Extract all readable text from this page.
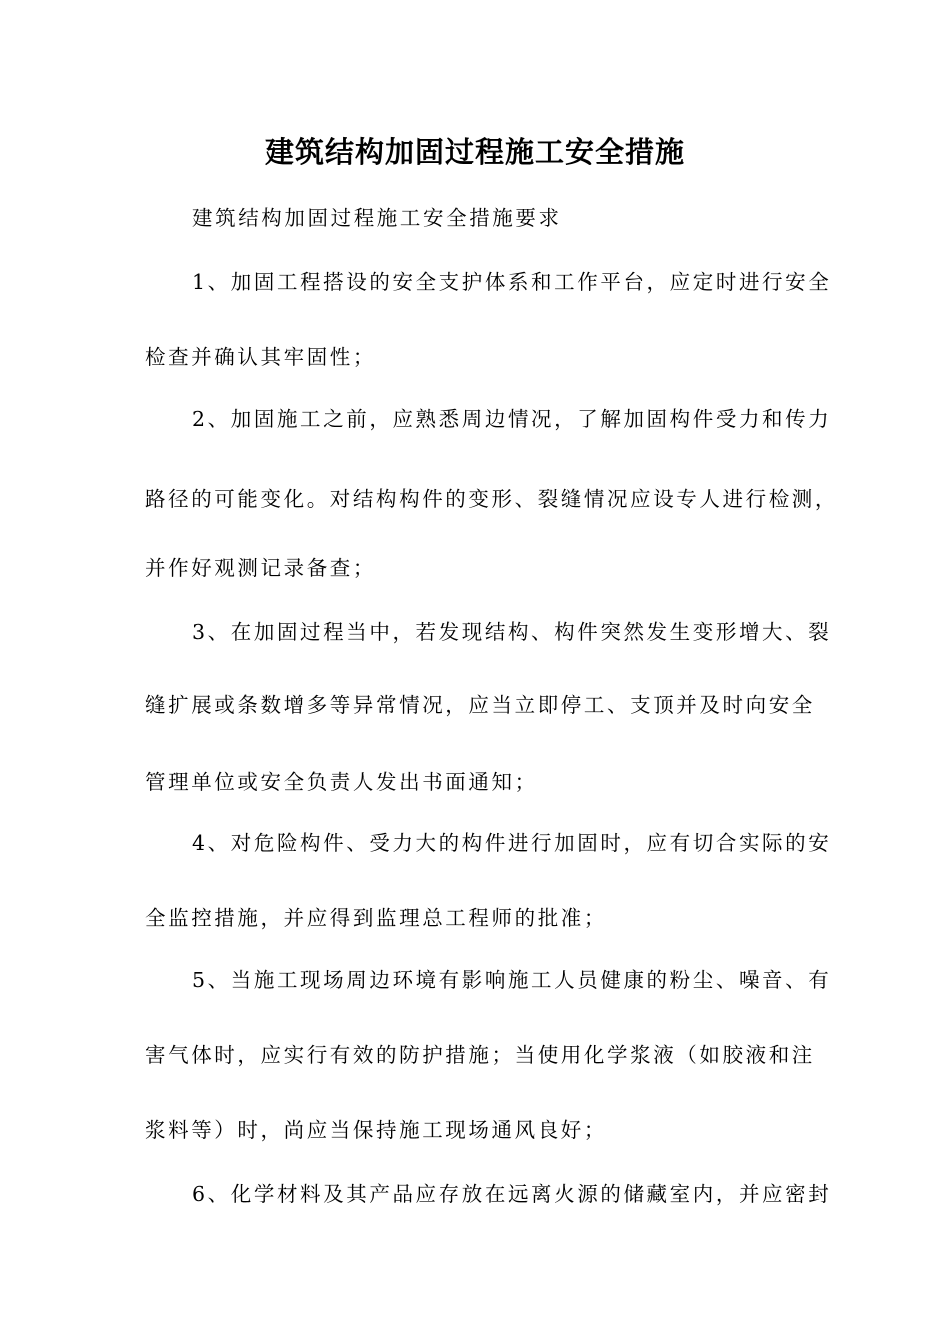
建筑结构加固过程施工安全措施
建筑结构加固过程施工安全措施要求
1、加固工程搭设的安全支护体系和工作平台，应定时进行安全
检查并确认其牢固性；
2、加固施工之前，应熟悉周边情况，了解加固构件受力和传力
路径的可能变化。对结构构件的变形、裂缝情况应设专人进行检测，
并作好观测记录备查；
3、在加固过程当中，若发现结构、构件突然发生变形增大、裂
缝扩展或条数增多等异常情况，应当立即停工、支顶并及时向安全
管理单位或安全负责人发出书面通知；
4、对危险构件、受力大的构件进行加固时，应有切合实际的安
全监控措施，并应得到监理总工程师的批准；
5、当施工现场周边环境有影响施工人员健康的粉尘、噪音、有
害气体时，应实行有效的防护措施；当使用化学浆液（如胶液和注
浆料等）时，尚应当保持施工现场通风良好；
6、化学材料及其产品应存放在远离火源的储藏室内，并应密封
